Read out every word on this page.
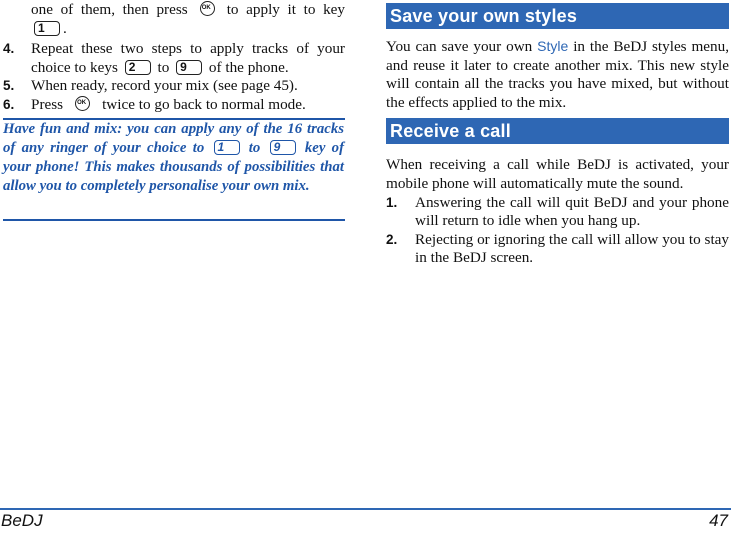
one of them, then press OK to apply it to key
1 .
4.	Repeat these two steps to apply tracks of your choice to keys 2 to 9 of the phone.
5.	When ready, record your mix (see page 45).
6.	Press OK twice to go back to normal mode.
Have fun and mix: you can apply any of the 16 tracks of any ringer of your choice to 1 to 9 key of your phone! This makes thousands of possibilities that allow you to completely personalise your own mix.
Save your own styles
You can save your own Style in the BeDJ styles menu, and reuse it later to create another mix. This new style will contain all the tracks you have mixed, but without the effects applied to the mix.
Receive a call
When receiving a call while BeDJ is activated, your mobile phone will automatically mute the sound.
1.	Answering the call will quit BeDJ and your phone will return to idle when you hang up.
2.	Rejecting or ignoring the call will allow you to stay in the BeDJ screen.
BeDJ	47
